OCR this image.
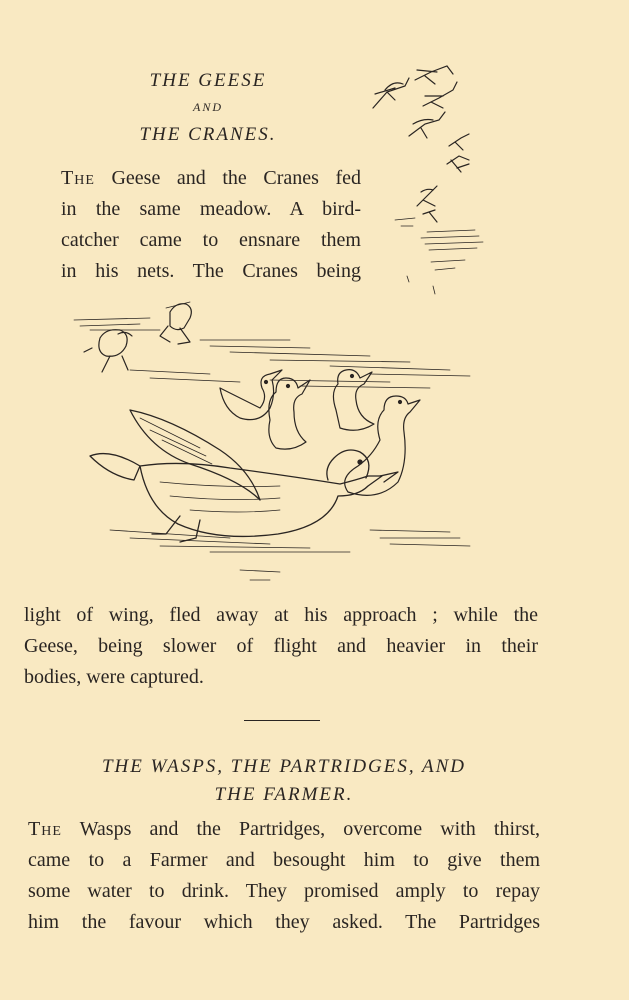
THE GEESE
AND
THE CRANES.
The Geese and the Cranes fed
in the same meadow. A bird-
catcher came to ensnare them
in his nets. The Cranes being
light of wing, fled away at his approach ; while the
Geese, being slower of flight and heavier in their
bodies, were captured.
THE WASPS, THE PARTRIDGES, AND
THE FARMER.
The Wasps and the Partridges, overcome with thirst,
came to a Farmer and besought him to give them
some water to drink. They promised amply to repay
him the favour which they asked. The Partridges
